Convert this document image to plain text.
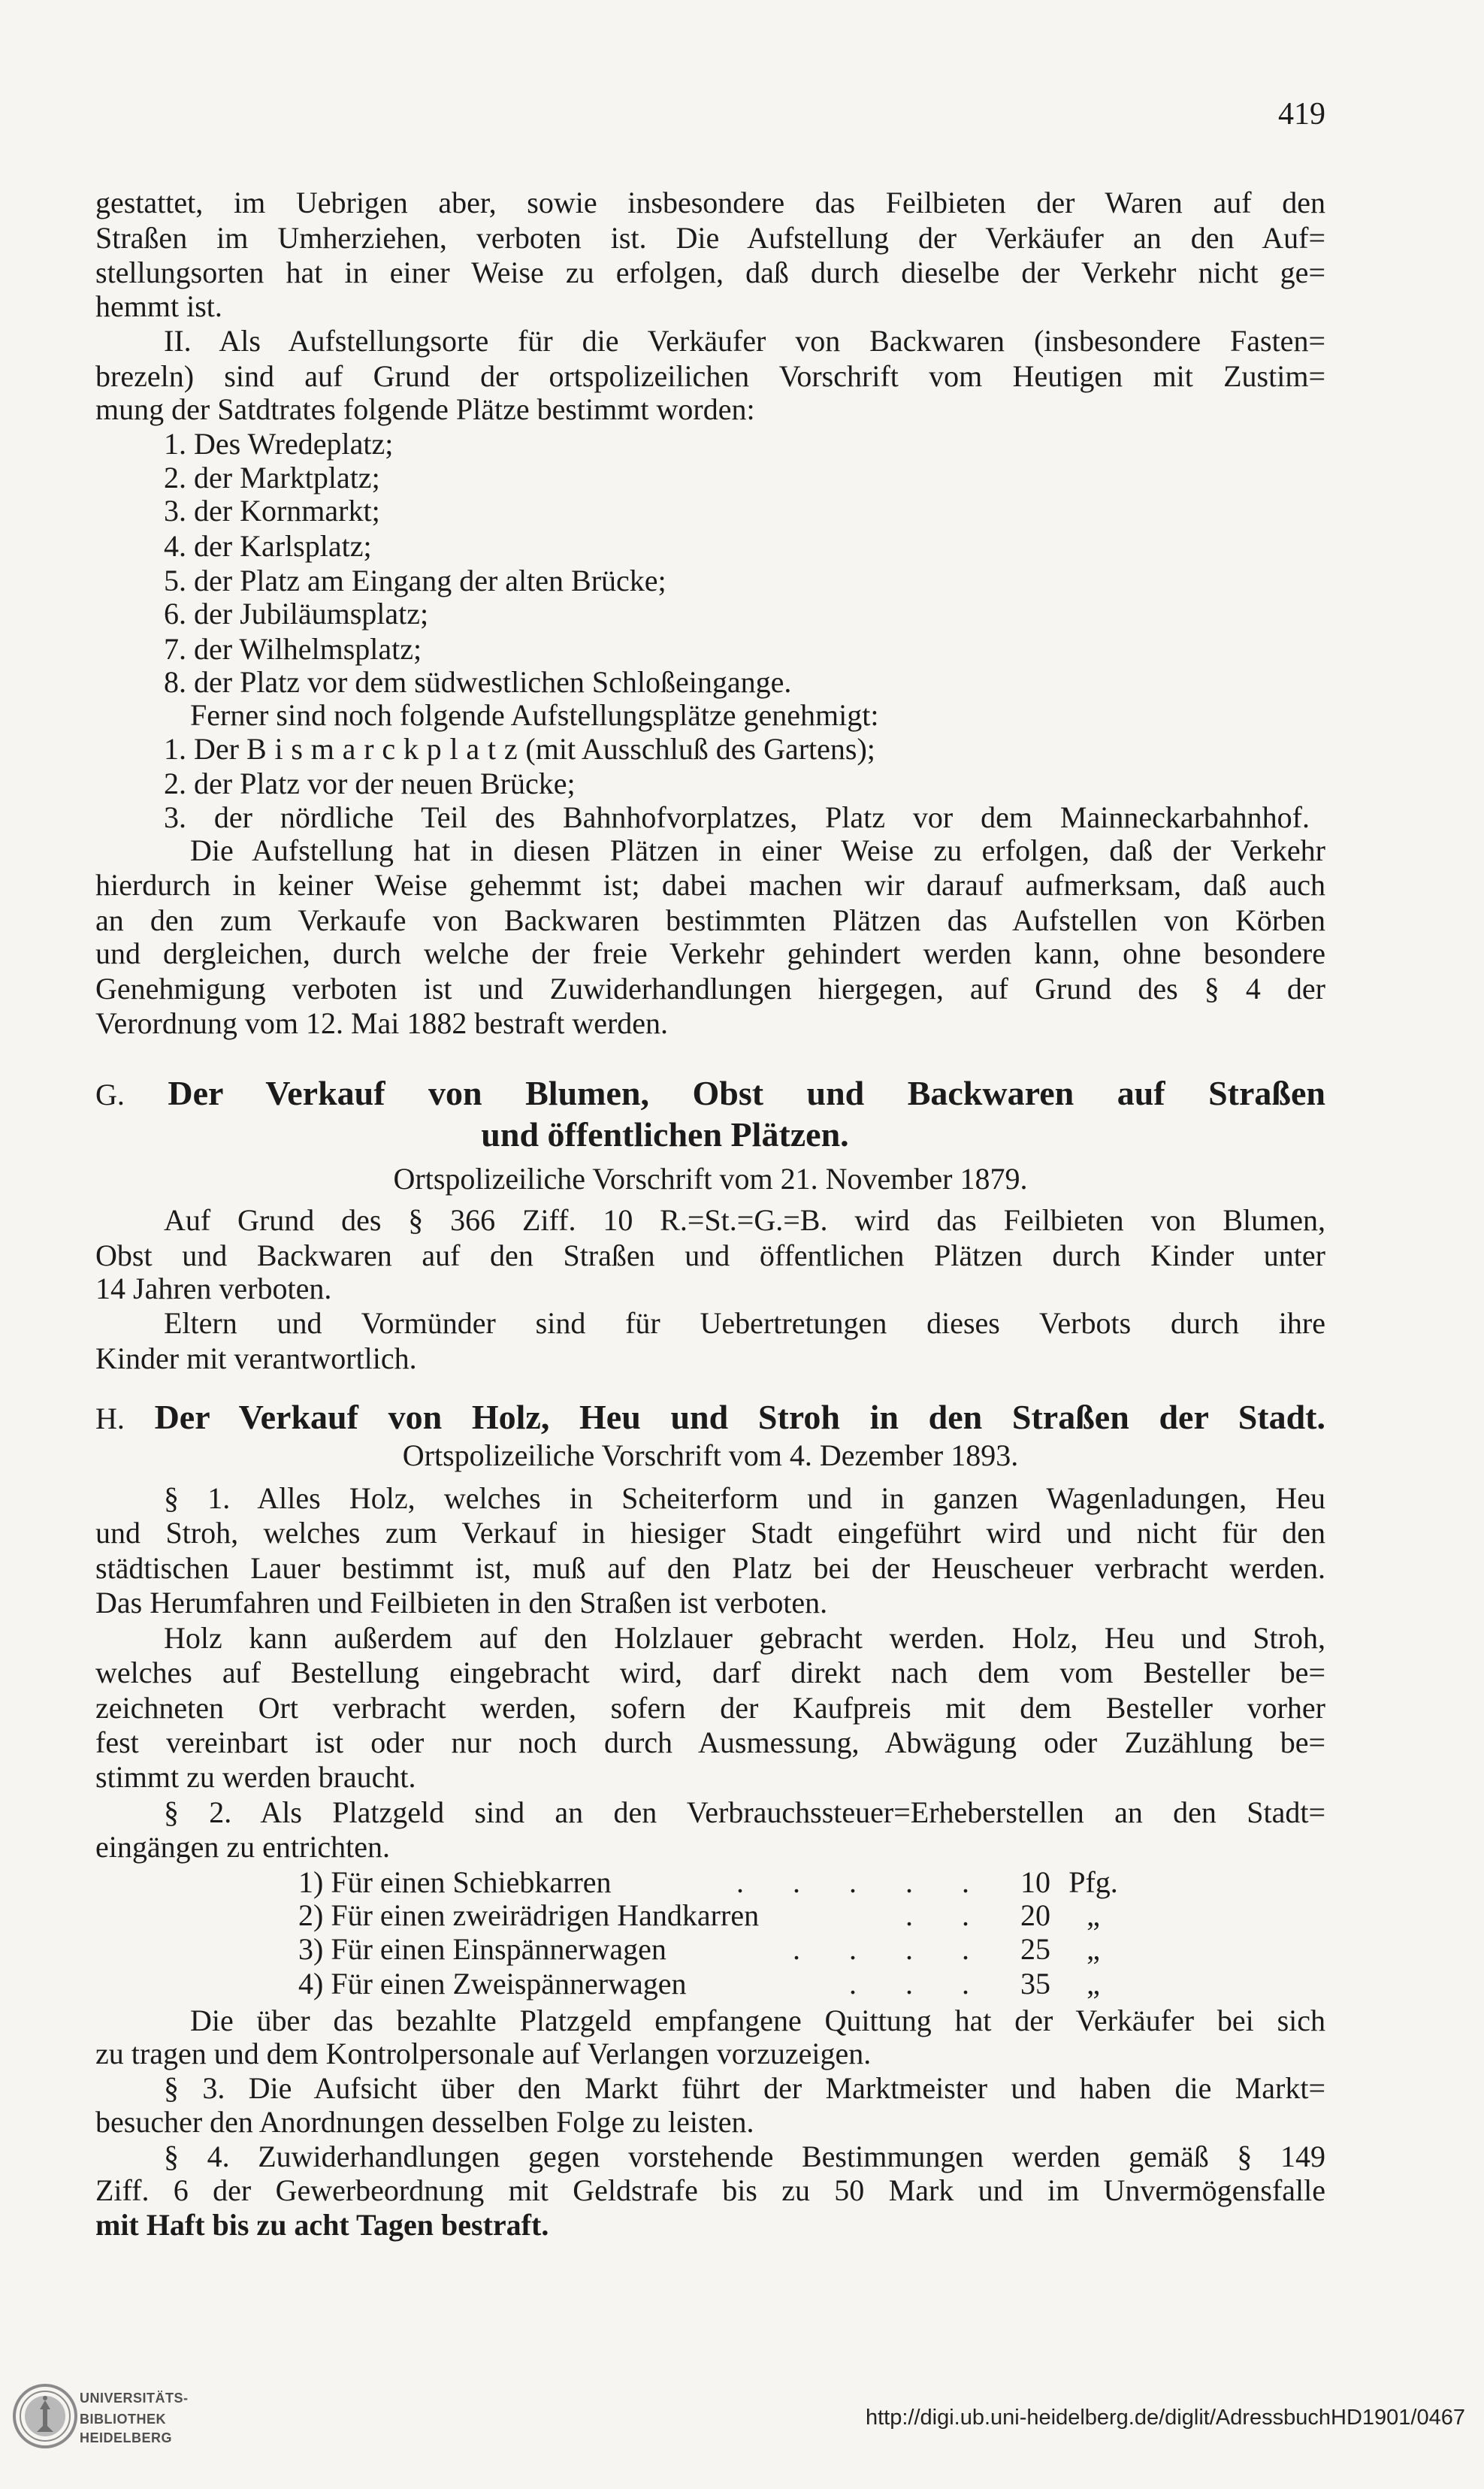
419
gestattet, im Uebrigen aber, sowie insbesondere das Feilbieten der Waren auf den
Straßen im Umherziehen, verboten ist. Die Aufstellung der Verkäufer an den Auf=
stellungsorten hat in einer Weise zu erfolgen, daß durch dieselbe der Verkehr nicht ge=
hemmt ist.
II. Als Aufstellungsorte für die Verkäufer von Backwaren (insbesondere Fasten=
brezeln) sind auf Grund der ortspolizeilichen Vorschrift vom Heutigen mit Zustim=
mung der Satdtrates folgende Plätze bestimmt worden:
1. Des Wredeplatz;
2. der Marktplatz;
3. der Kornmarkt;
4. der Karlsplatz;
5. der Platz am Eingang der alten Brücke;
6. der Jubiläumsplatz;
7. der Wilhelmsplatz;
8. der Platz vor dem südwestlichen Schloßeingange.
Ferner sind noch folgende Aufstellungsplätze genehmigt:
1. Der Bismarckplatz(mit Ausschluß des Gartens);
2. der Platz vor der neuen Brücke;
3. der nördliche Teil des Bahnhofvorplatzes, Platz vor dem Mainneckarbahnhof.
Die Aufstellung hat in diesen Plätzen in einer Weise zu erfolgen, daß der Verkehr
hierdurch in keiner Weise gehemmt ist; dabei machen wir darauf aufmerksam, daß auch
an den zum Verkaufe von Backwaren bestimmten Plätzen das Aufstellen von Körben
und dergleichen, durch welche der freie Verkehr gehindert werden kann, ohne besondere
Genehmigung verboten ist und Zuwiderhandlungen hiergegen, auf Grund des § 4 der
Verordnung vom 12. Mai 1882 bestraft werden.
G. Der Verkauf von Blumen, Obst und Backwaren auf Straßen
und öffentlichen Plätzen.
Ortspolizeiliche Vorschrift vom 21. November 1879.
Auf Grund des § 366 Ziff. 10 R.=St.=G.=B. wird das Feilbieten von Blumen,
Obst und Backwaren auf den Straßen und öffentlichen Plätzen durch Kinder unter
14 Jahren verboten.
Eltern und Vormünder sind für Uebertretungen dieses Verbots durch ihre
Kinder mit verantwortlich.
H. Der Verkauf von Holz, Heu und Stroh in den Straßen der Stadt.
Ortspolizeiliche Vorschrift vom 4. Dezember 1893.
§ 1. Alles Holz, welches in Scheiterform und in ganzen Wagenladungen, Heu
und Stroh, welches zum Verkauf in hiesiger Stadt eingeführt wird und nicht für den
städtischen Lauer bestimmt ist, muß auf den Platz bei der Heuscheuer verbracht werden.
Das Herumfahren und Feilbieten in den Straßen ist verboten.
Holz kann außerdem auf den Holzlauer gebracht werden. Holz, Heu und Stroh,
welches auf Bestellung eingebracht wird, darf direkt nach dem vom Besteller be=
zeichneten Ort verbracht werden, sofern der Kaufpreis mit dem Besteller vorher
fest vereinbart ist oder nur noch durch Ausmessung, Abwägung oder Zuzählung be=
stimmt zu werden braucht.
§ 2. Als Platzgeld sind an den Verbrauchssteuer=Erheberstellen an den Stadt=
eingängen zu entrichten.
1) Für einen Schiebkarren	. . . . .	10 Pfg.
2) Für einen zweirädrigen Handkarren	. .	20	„
3) Für einen Einspännerwagen	. . . .	25	„
4) Für einen Zweispännerwagen	. . .	35	„
Die über das bezahlte Platzgeld empfangene Quittung hat der Verkäufer bei sich
zu tragen und dem Kontrolpersonale auf Verlangen vorzuzeigen.
§ 3. Die Aufsicht über den Markt führt der Marktmeister und haben die Markt=
besucher den Anordnungen desselben Folge zu leisten.
§ 4. Zuwiderhandlungen gegen vorstehende Bestimmungen werden gemäß § 149
Ziff. 6 der Gewerbeordnung mit Geldstrafe bis zu 50 Mark und im Unvermögensfalle
mit Haft bis zu acht Tagen bestraft.
UNIVERSITÄTS-
BIBLIOTHEK
HEIDELBERG
http://digi.ub.uni-heidelberg.de/diglit/AdressbuchHD1901/0467
